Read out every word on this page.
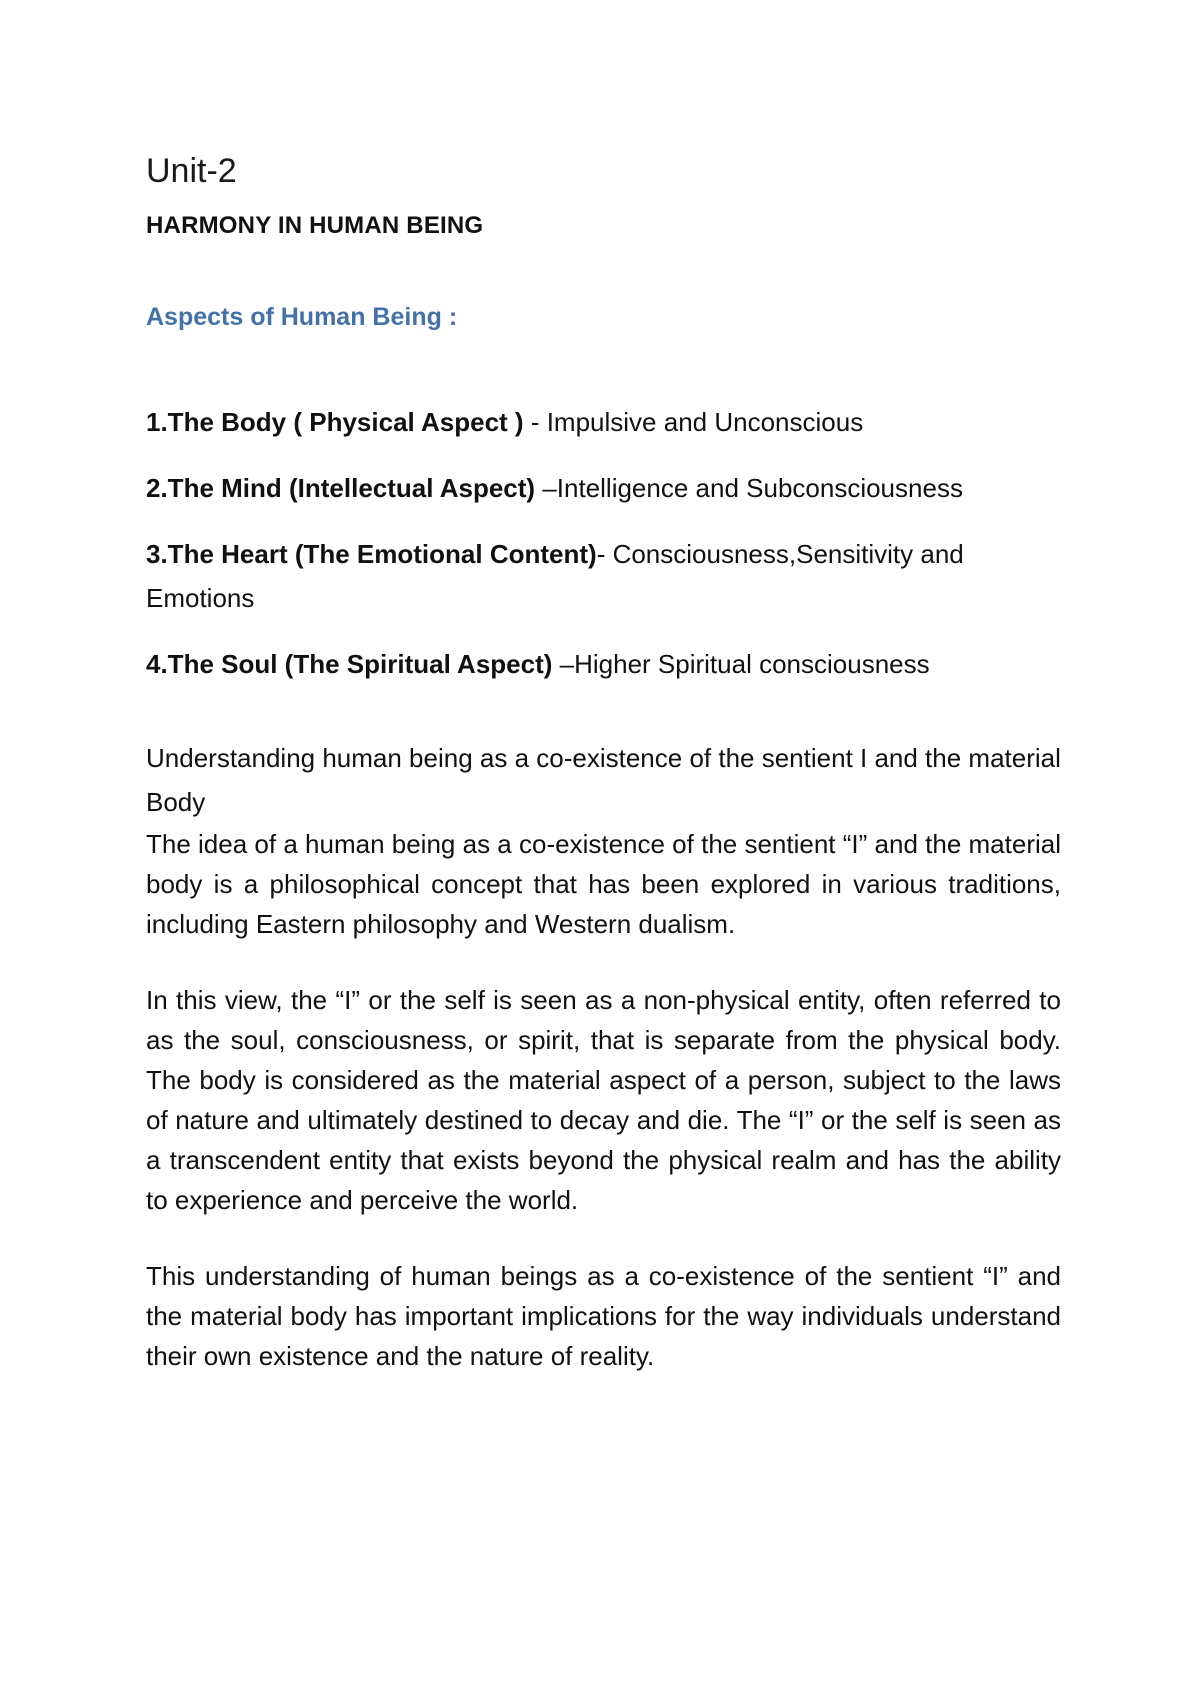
Unit-2
HARMONY IN HUMAN BEING
Aspects of Human Being :
1.The Body ( Physical Aspect ) - Impulsive and Unconscious
2.The Mind (Intellectual Aspect) –Intelligence and Subconsciousness
3.The Heart (The Emotional Content)- Consciousness,Sensitivity and Emotions
4.The Soul (The Spiritual Aspect) –Higher Spiritual consciousness

Understanding human being as a co-existence of the sentient I and the material Body

The idea of a human being as a co-existence of the sentient “I” and the material body is a philosophical concept that has been explored in various traditions, including Eastern philosophy and Western dualism.

In this view, the “I” or the self is seen as a non-physical entity, often referred to as the soul, consciousness, or spirit, that is separate from the physical body. The body is considered as the material aspect of a person, subject to the laws of nature and ultimately destined to decay and die. The “I” or the self is seen as a transcendent entity that exists beyond the physical realm and has the ability to experience and perceive the world.

This understanding of human beings as a co-existence of the sentient “I” and the material body has important implications for the way individuals understand their own existence and the nature of reality.
